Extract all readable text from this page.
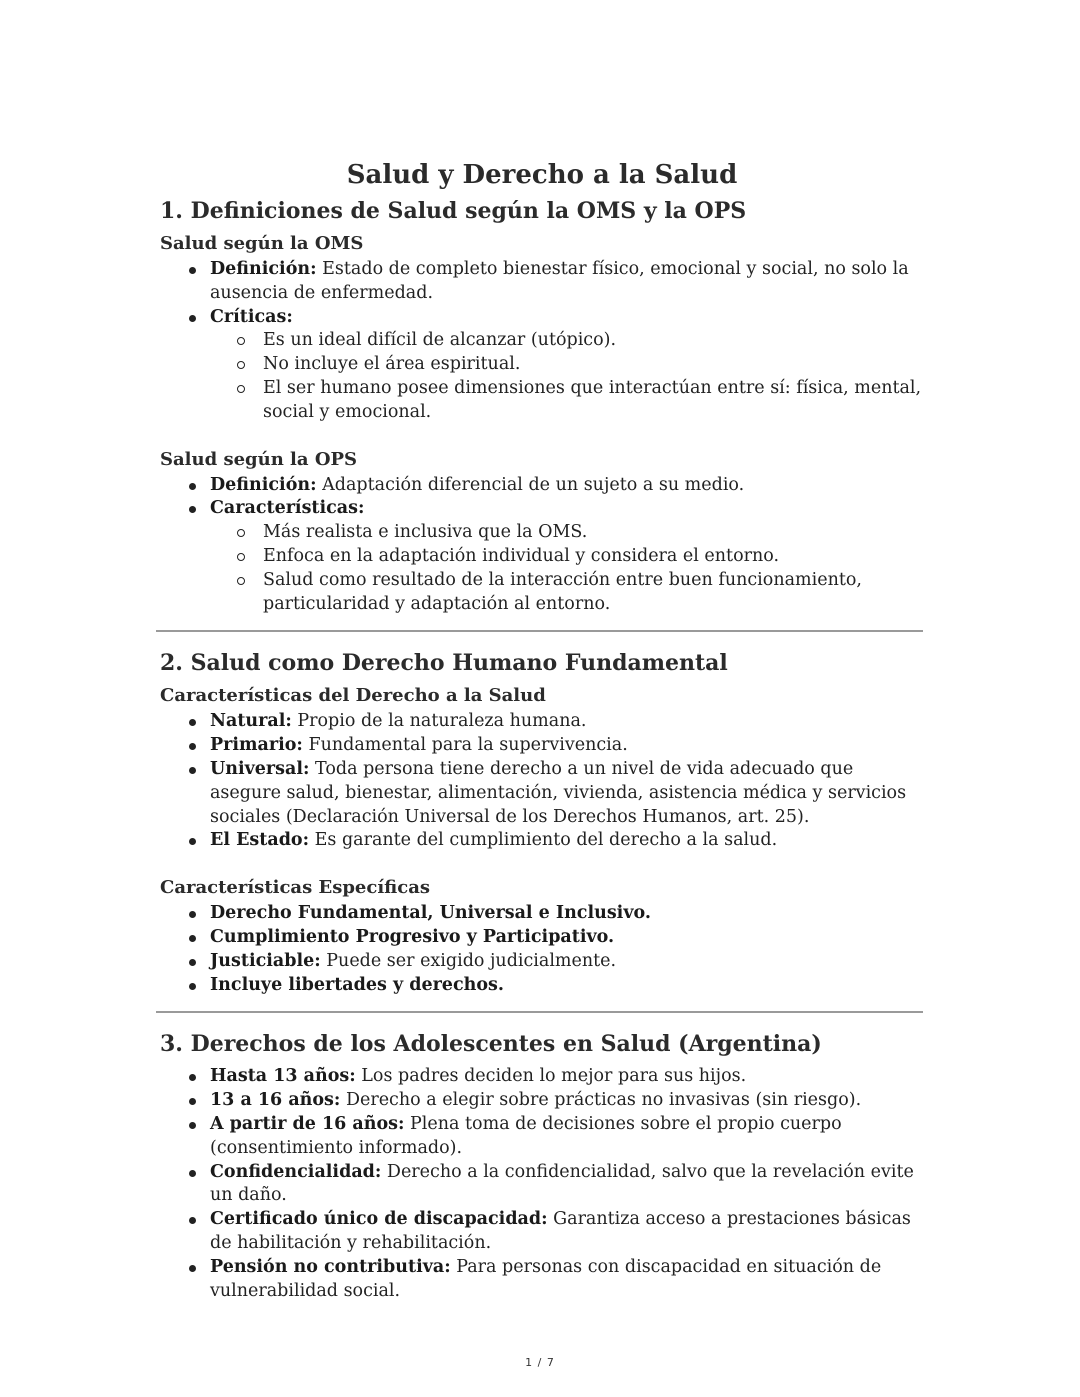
Salud y Derecho a la Salud
1. Definiciones de Salud según la OMS y la OPS
Salud según la OMS
Definición: Estado de completo bienestar físico, emocional y social, no solo la ausencia de enfermedad.
Críticas:
Es un ideal difícil de alcanzar (utópico).
No incluye el área espiritual.
El ser humano posee dimensiones que interactúan entre sí: física, mental, social y emocional.
Salud según la OPS
Definición: Adaptación diferencial de un sujeto a su medio.
Características:
Más realista e inclusiva que la OMS.
Enfoca en la adaptación individual y considera el entorno.
Salud como resultado de la interacción entre buen funcionamiento, particularidad y adaptación al entorno.
2. Salud como Derecho Humano Fundamental
Características del Derecho a la Salud
Natural: Propio de la naturaleza humana.
Primario: Fundamental para la supervivencia.
Universal: Toda persona tiene derecho a un nivel de vida adecuado que asegure salud, bienestar, alimentación, vivienda, asistencia médica y servicios sociales (Declaración Universal de los Derechos Humanos, art. 25).
El Estado: Es garante del cumplimiento del derecho a la salud.
Características Específicas
Derecho Fundamental, Universal e Inclusivo.
Cumplimiento Progresivo y Participativo.
Justiciable: Puede ser exigido judicialmente.
Incluye libertades y derechos.
3. Derechos de los Adolescentes en Salud (Argentina)
Hasta 13 años: Los padres deciden lo mejor para sus hijos.
13 a 16 años: Derecho a elegir sobre prácticas no invasivas (sin riesgo).
A partir de 16 años: Plena toma de decisiones sobre el propio cuerpo (consentimiento informado).
Confidencialidad: Derecho a la confidencialidad, salvo que la revelación evite un daño.
Certificado único de discapacidad: Garantiza acceso a prestaciones básicas de habilitación y rehabilitación.
Pensión no contributiva: Para personas con discapacidad en situación de vulnerabilidad social.
1 / 7
